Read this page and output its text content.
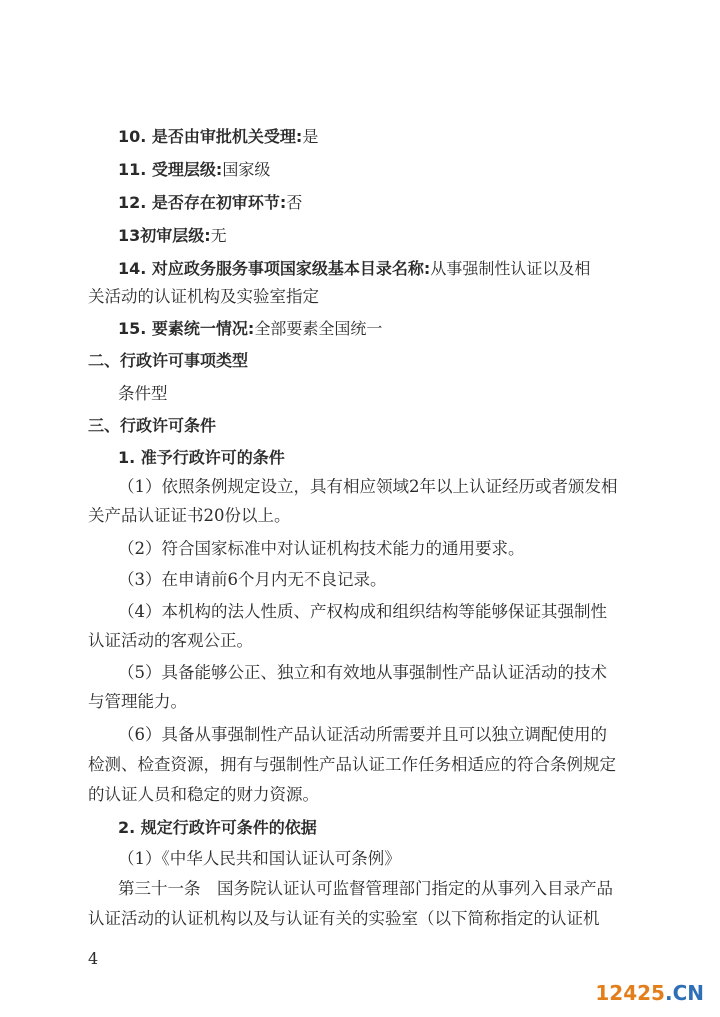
10. 是否由审批机关受理:是
11. 受理层级:国家级
12. 是否存在初审环节:否
13初审层级:无
14. 对应政务服务事项国家级基本目录名称:从事强制性认证以及相
关活动的认证机构及实验室指定
15. 要素统一情况:全部要素全国统一
二、行政许可事项类型
条件型
三、行政许可条件
1. 准予行政许可的条件
（1）依照条例规定设立，具有相应领域2年以上认证经历或者颁发相
关产品认证证书20份以上。
（2）符合国家标准中对认证机构技术能力的通用要求。
（3）在申请前6个月内无不良记录。
（4）本机构的法人性质、产权构成和组织结构等能够保证其强制性
认证活动的客观公正。
（5）具备能够公正、独立和有效地从事强制性产品认证活动的技术
与管理能力。
（6）具备从事强制性产品认证活动所需要并且可以独立调配使用的
检测、检查资源，拥有与强制性产品认证工作任务相适应的符合条例规定
的认证人员和稳定的财力资源。
2. 规定行政许可条件的依据
（1）《中华人民共和国认证认可条例》
第三十一条　国务院认证认可监督管理部门指定的从事列入目录产品
认证活动的认证机构以及与认证有关的实验室（以下简称指定的认证机
4
12425.CN
